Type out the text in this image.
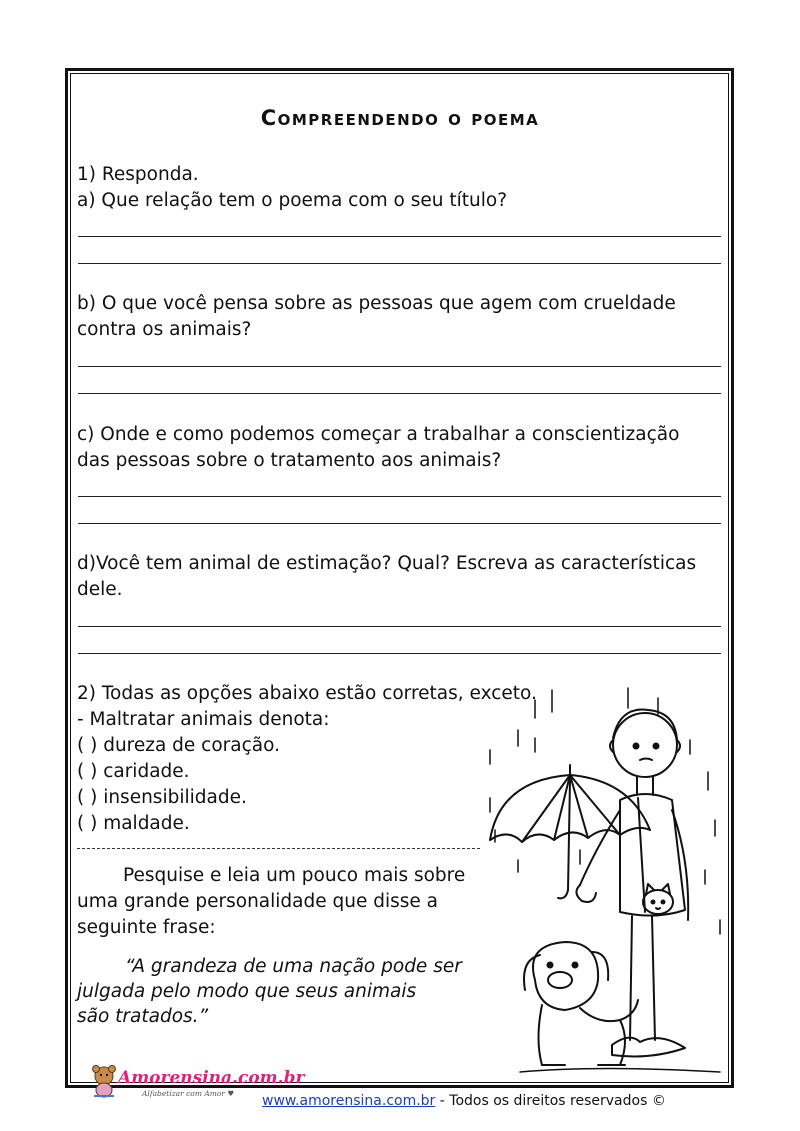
Compreendendo o poema
1) Responda.
a) Que relação tem o poema com o seu título?
b) O que você pensa sobre as pessoas que agem com crueldade
contra os animais?
c) Onde e como podemos começar a trabalhar a conscientização
das pessoas sobre o tratamento aos animais?
d)Você tem animal de estimação? Qual? Escreva as características
dele.
2) Todas as opções abaixo estão corretas, exceto.
- Maltratar animais denota:
( ) dureza de coração.
( ) caridade.
( ) insensibilidade.
( ) maldade.
Pesquise e leia um pouco mais sobre
uma grande personalidade que disse a
seguinte frase:
“A grandeza de uma nação pode ser
julgada pelo modo que seus animais
são tratados.”
Amorensina.com.br
Alfabetizar com Amor ♥ www.amorensina.com.br - Todos os direitos reservados ©
